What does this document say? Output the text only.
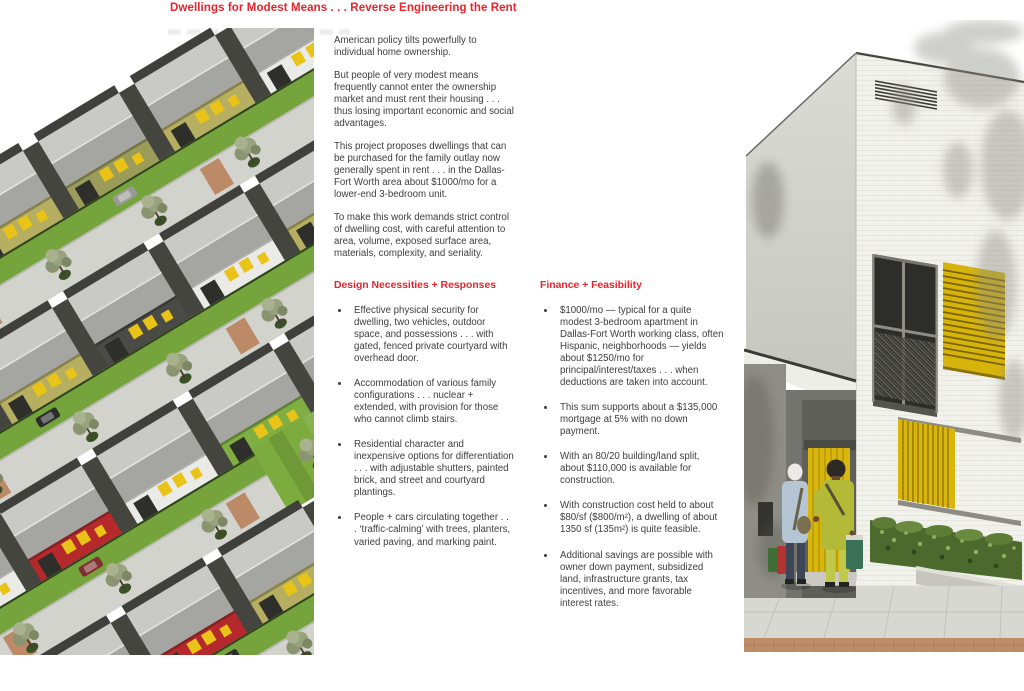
Dwellings for Modest Means . . . Reverse Engineering the Rent

American policy tilts powerfully to individual home ownership.

But people of very modest means frequently cannot enter the ownership market and must rent their housing . . . thus losing important economic and social advantages.

This project proposes dwellings that can be purchased for the family outlay now generally spent in rent . . . in the Dallas-Fort Worth area about $1000/mo for a lower-end 3-bedroom unit.

To make this work demands strict control of dwelling cost, with careful attention to area, volume, exposed surface area, materials, complexity, and seriality.

Design Necessities + Responses
• Effective physical security for dwelling, two vehicles, outdoor space, and possessions . . . with gated, fenced private courtyard with overhead door.
• Accommodation of various family configurations . . . nuclear + extended, with provision for those who cannot climb stairs.
• Residential character and inexpensive options for differentiation . . . with adjustable shutters, painted brick, and street and courtyard plantings.
• People + cars circulating together . . . ‘traffic-calming’ with trees, planters, varied paving, and marking paint.
Finance + Feasibility
• $1000/mo — typical for a quite modest 3-bedroom apartment in Dallas-Fort Worth working class, often Hispanic, neighborhoods — yields about $1250/mo for principal/interest/taxes . . . when deductions are taken into account.
• This sum supports about a $135,000 mortgage at 5% with no down payment.
• With an 80/20 building/land split, about $110,000 is available for construction.
• With construction cost held to about $80/sf ($800/m²), a dwelling of about 1350 sf (135m²) is quite feasible.
• Additional savings are possible with owner down payment, subsidized land, infrastructure grants, tax incentives, and more favorable interest rates.
